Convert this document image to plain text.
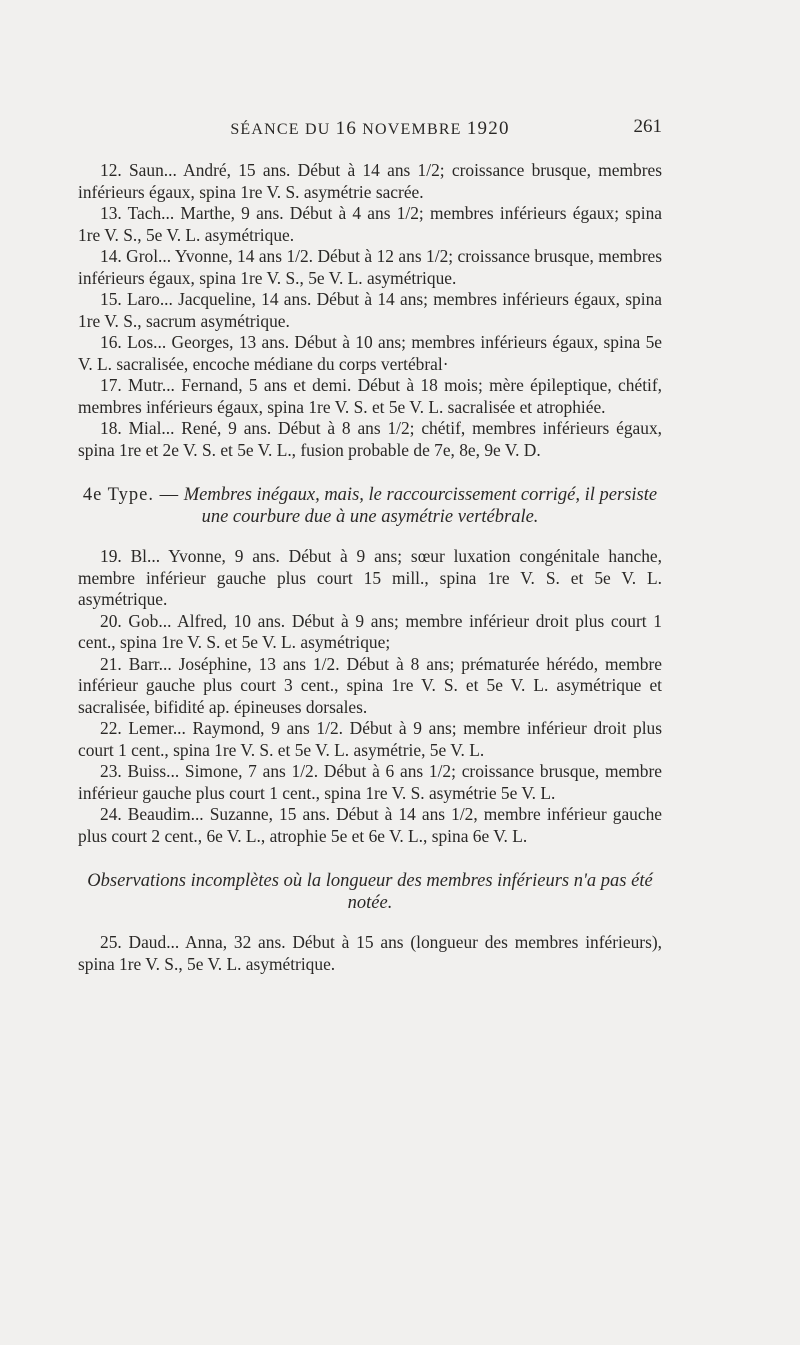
SÉANCE DU 16 NOVEMBRE 1920	261

12. Saun... André, 15 ans. Début à 14 ans 1/2; croissance brusque, membres inférieurs égaux, spina 1re V. S. asymétrie sacrée.

13. Tach... Marthe, 9 ans. Début à 4 ans 1/2; membres inférieurs égaux; spina 1re V. S., 5e V. L. asymétrique.

14. Grol... Yvonne, 14 ans 1/2. Début à 12 ans 1/2; croissance brusque, membres inférieurs égaux, spina 1re V. S., 5e V. L. asymétrique.

15. Laro... Jacqueline, 14 ans. Début à 14 ans; membres inférieurs égaux, spina 1re V. S., sacrum asymétrique.

16. Los... Georges, 13 ans. Début à 10 ans; membres inférieurs égaux, spina 5e V. L. sacralisée, encoche médiane du corps vertébral·

17. Mutr... Fernand, 5 ans et demi. Début à 18 mois; mère épileptique, chétif, membres inférieurs égaux, spina 1re V. S. et 5e V. L. sacralisée et atrophiée.

18. Mial... René, 9 ans. Début à 8 ans 1/2; chétif, membres inférieurs égaux, spina 1re et 2e V. S. et 5e V. L., fusion probable de 7e, 8e, 9e V. D.

4e Type. — Membres inégaux, mais, le raccourcissement corrigé, il persiste une courbure due à une asymétrie vertébrale.

19. Bl... Yvonne, 9 ans. Début à 9 ans; sœur luxation congénitale hanche, membre inférieur gauche plus court 15 mill., spina 1re V. S. et 5e V. L. asymétrique.

20. Gob... Alfred, 10 ans. Début à 9 ans; membre inférieur droit plus court 1 cent., spina 1re V. S. et 5e V. L. asymétrique;

21. Barr... Joséphine, 13 ans 1/2. Début à 8 ans; prématurée hérédo, membre inférieur gauche plus court 3 cent., spina 1re V. S. et 5e V. L. asymétrique et sacralisée, bifidité ap. épineuses dorsales.

22. Lemer... Raymond, 9 ans 1/2. Début à 9 ans; membre inférieur droit plus court 1 cent., spina 1re V. S. et 5e V. L. asymétrie, 5e V. L.

23. Buiss... Simone, 7 ans 1/2. Début à 6 ans 1/2; croissance brusque, membre inférieur gauche plus court 1 cent., spina 1re V. S. asymétrie 5e V. L.

24. Beaudim... Suzanne, 15 ans. Début à 14 ans 1/2, membre inférieur gauche plus court 2 cent., 6e V. L., atrophie 5e et 6e V. L., spina 6e V. L.

Observations incomplètes où la longueur des membres inférieurs n'a pas été notée.

25. Daud... Anna, 32 ans. Début à 15 ans (longueur des membres inférieurs), spina 1re V. S., 5e V. L. asymétrique.
